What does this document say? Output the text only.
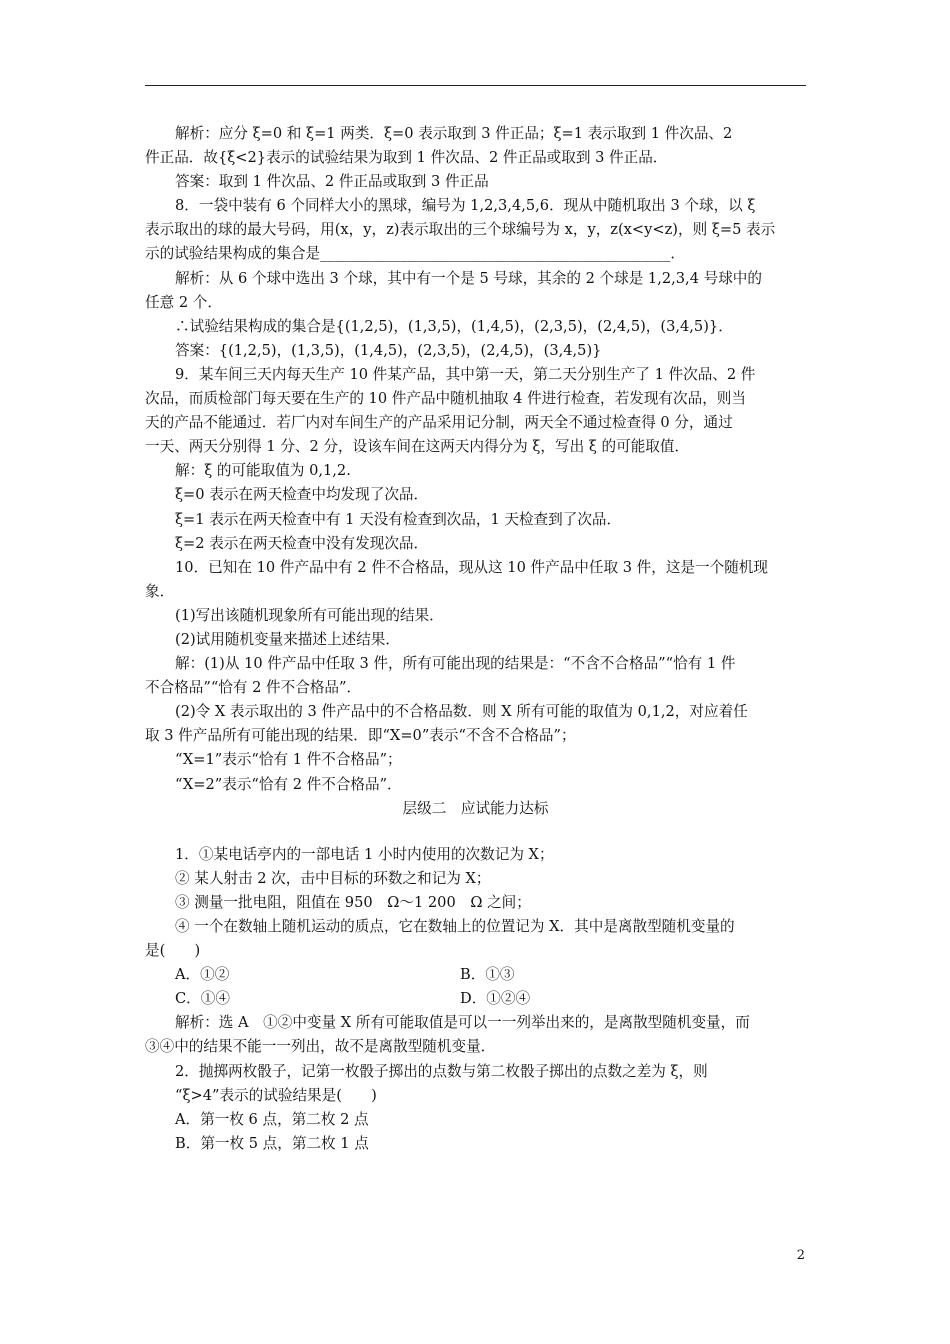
解析：应分 ξ=0 和 ξ=1 两类．ξ=0 表示取到 3 件正品；ξ=1 表示取到 1 件次品、2
件正品．故{ξ<2}表示的试验结果为取到 1 件次品、2 件正品或取到 3 件正品．
答案：取到 1 件次品、2 件正品或取到 3 件正品
8．一袋中装有 6 个同样大小的黑球，编号为 1,2,3,4,5,6．现从中随机取出 3 个球，以 ξ
表示取出的球的最大号码，用(x，y，z)表示取出的三个球编号为 x，y，z(x<y<z)，则 ξ=5 表示
示的试验结果构成的集合是________________________________________________．
解析：从 6 个球中选出 3 个球，其中有一个是 5 号球，其余的 2 个球是 1,2,3,4 号球中的
任意 2 个．
∴试验结果构成的集合是{(1,2,5)，(1,3,5)，(1,4,5)，(2,3,5)，(2,4,5)，(3,4,5)}．
答案：{(1,2,5)，(1,3,5)，(1,4,5)，(2,3,5)，(2,4,5)，(3,4,5)}
9．某车间三天内每天生产 10 件某产品，其中第一天，第二天分别生产了 1 件次品、2 件
次品，而质检部门每天要在生产的 10 件产品中随机抽取 4 件进行检查，若发现有次品，则当
天的产品不能通过．若厂内对车间生产的产品采用记分制，两天全不通过检查得 0 分，通过
一天、两天分别得 1 分、2 分，设该车间在这两天内得分为 ξ，写出 ξ 的可能取值．
解：ξ 的可能取值为 0,1,2.
ξ=0 表示在两天检查中均发现了次品．
ξ=1 表示在两天检查中有 1 天没有检查到次品，1 天检查到了次品．
ξ=2 表示在两天检查中没有发现次品．
10．已知在 10 件产品中有 2 件不合格品，现从这 10 件产品中任取 3 件，这是一个随机现
象．
(1)写出该随机现象所有可能出现的结果．
(2)试用随机变量来描述上述结果．
解：(1)从 10 件产品中任取 3 件，所有可能出现的结果是：“不含不合格品”“恰有 1 件
不合格品”“恰有 2 件不合格品”．
(2)令 X 表示取出的 3 件产品中的不合格品数．则 X 所有可能的取值为 0,1,2，对应着任
取 3 件产品所有可能出现的结果．即“X=0”表示“不含不合格品”；
“X=1”表示“恰有 1 件不合格品”；
“X=2”表示“恰有 2 件不合格品”．
层级二　应试能力达标
1．①某电话亭内的一部电话 1 小时内使用的次数记为 X；
② 某人射击 2 次，击中目标的环数之和记为 X；
③ 测量一批电阻，阻值在 950　Ω～1 200　Ω 之间；
④ 一个在数轴上随机运动的质点，它在数轴上的位置记为 X．其中是离散型随机变量的
是(　　)
A．①②	B．①③
C．①④	D．①②④
解析：选 A　①②中变量 X 所有可能取值是可以一一列举出来的，是离散型随机变量，而
③④中的结果不能一一列出，故不是离散型随机变量．
2．抛掷两枚骰子，记第一枚骰子掷出的点数与第二枚骰子掷出的点数之差为 ξ，则
“ξ>4”表示的试验结果是(　　)
A．第一枚 6 点，第二枚 2 点
B．第一枚 5 点，第二枚 1 点
2
